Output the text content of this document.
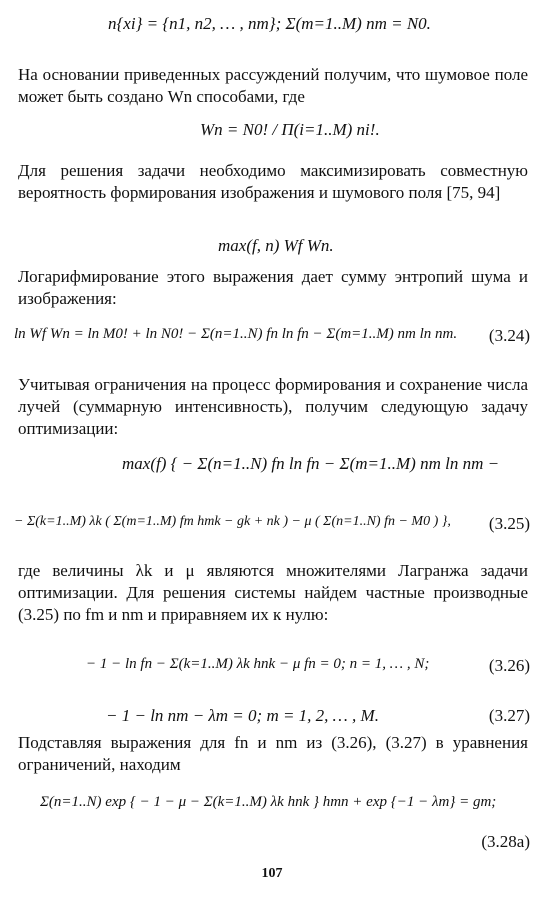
n{xi} = {n1, n2, … , nm}; Σ(m=1..M) nm = N0.
На основании приведенных рассуждений получим, что шумовое поле может быть создано Wn способами, где
Wn = N0! / Π(i=1..M) ni!.
Для решения задачи необходимо максимизировать совместную вероятность формирования изображения и шумового поля [75, 94]
max(f, n) Wf Wn.
Логарифмирование этого выражения дает сумму энтропий шума и изображения:
ln Wf Wn = ln M0! + ln N0! − Σ(n=1..N) fn ln fn − Σ(m=1..M) nm ln nm. (3.24)
Учитывая ограничения на процесс формирования и сохранение числа лучей (суммарную интенсивность), получим следующую задачу оптимизации:
max(f) { − Σ(n=1..N) fn ln fn − Σ(m=1..M) nm ln nm −
− Σ(k=1..M) λk ( Σ(m=1..M) fm hmk − gk + nk ) − μ ( Σ(n=1..N) fn − M0 ) }, (3.25)
где величины λk и μ являются множителями Лагранжа задачи оптимизации. Для решения системы найдем частные производные (3.25) по fm и nm и приравняем их к нулю:
− 1 − ln fn − Σ(k=1..M) λk hnk − μ fn = 0; n = 1, … , N;	(3.26)
− 1 − ln nm − λm = 0; m = 1, 2, … , M.	(3.27)
Подставляя выражения для fn и nm из (3.26), (3.27) в уравнения ограничений, находим
Σ(n=1..N) exp { − 1 − μ − Σ(k=1..M) λk hnk } hmn + exp {−1 − λm} = gm;
(3.28a)
107
